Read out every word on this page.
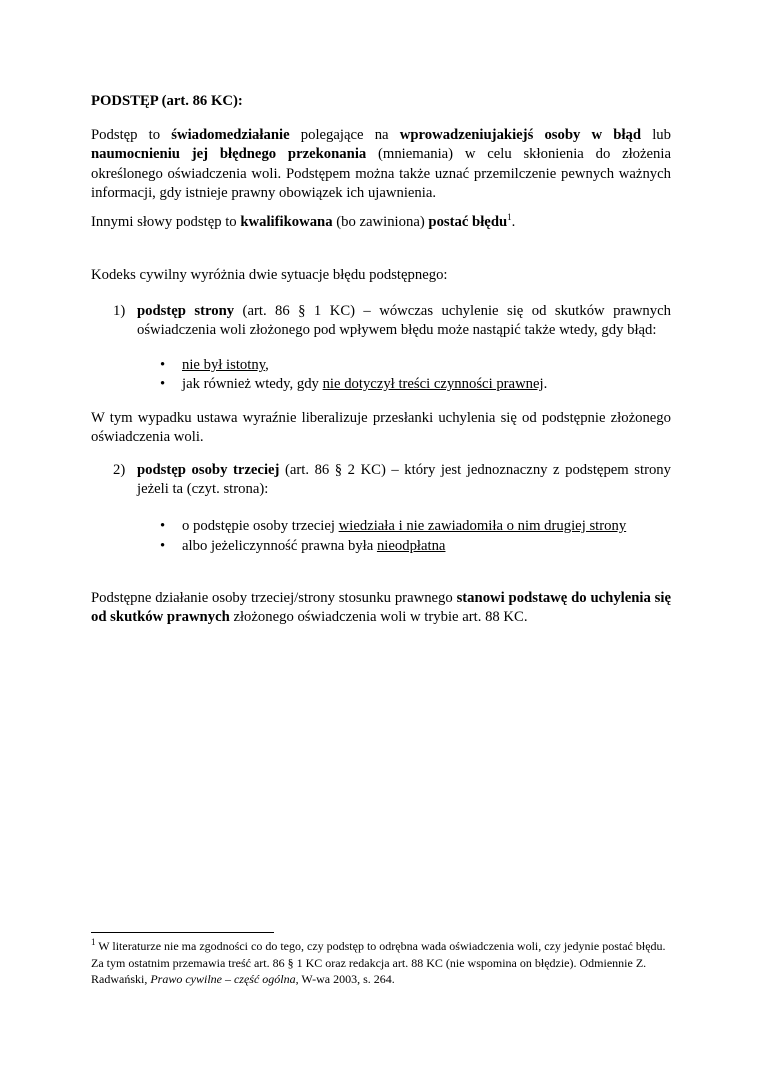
PODSTĘP (art. 86 KC):

Podstęp to świadomedziałanie polegające na wprowadzeniujakiejś osoby w błąd lub naumocnieniu jej błędnego przekonania (mniemania) w celu skłonienia do złożenia określonego oświadczenia woli. Podstępem można także uznać przemilczenie pewnych ważnych informacji, gdy istnieje prawny obowiązek ich ujawnienia.

Innymi słowy podstęp to kwalifikowana (bo zawiniona) postać błędu$^1$.

Kodeks cywilny wyróżnia dwie sytuacje błędu podstępnego:

1) podstęp strony (art. 86 § 1 KC) – wówczas uchylenie się od skutków prawnych oświadczenia woli złożonego pod wpływem błędu może nastąpić także wtedy, gdy błąd:

• nie był istotny,
• jak również wtedy, gdy nie dotyczył treści czynności prawnej.

W tym wypadku ustawa wyraźnie liberalizuje przesłanki uchylenia się od podstępnie złożonego oświadczenia woli.

2) podstęp osoby trzeciej (art. 86 § 2 KC) – który jest jednoznaczny z podstępem strony jeżeli ta (czyt. strona):

• o podstępie osoby trzeciej wiedziała i nie zawiadomiła o nim drugiej strony
• albo jeżeliczynność prawna była nieodpłatna

Podstępne działanie osoby trzeciej/strony stosunku prawnego stanowi podstawę do uchylenia się od skutków prawnych złożonego oświadczenia woli w trybie art. 88 KC.

$^1$ W literaturze nie ma zgodności co do tego, czy podstęp to odrębna wada oświadczenia woli, czy jedynie postać błędu. Za tym ostatnim przemawia treść art. 86 § 1 KC oraz redakcja art. 88 KC (nie wspomina on błędzie). Odmiennie Z. Radwański, Prawo cywilne – część ogólna, W-wa 2003, s. 264.
